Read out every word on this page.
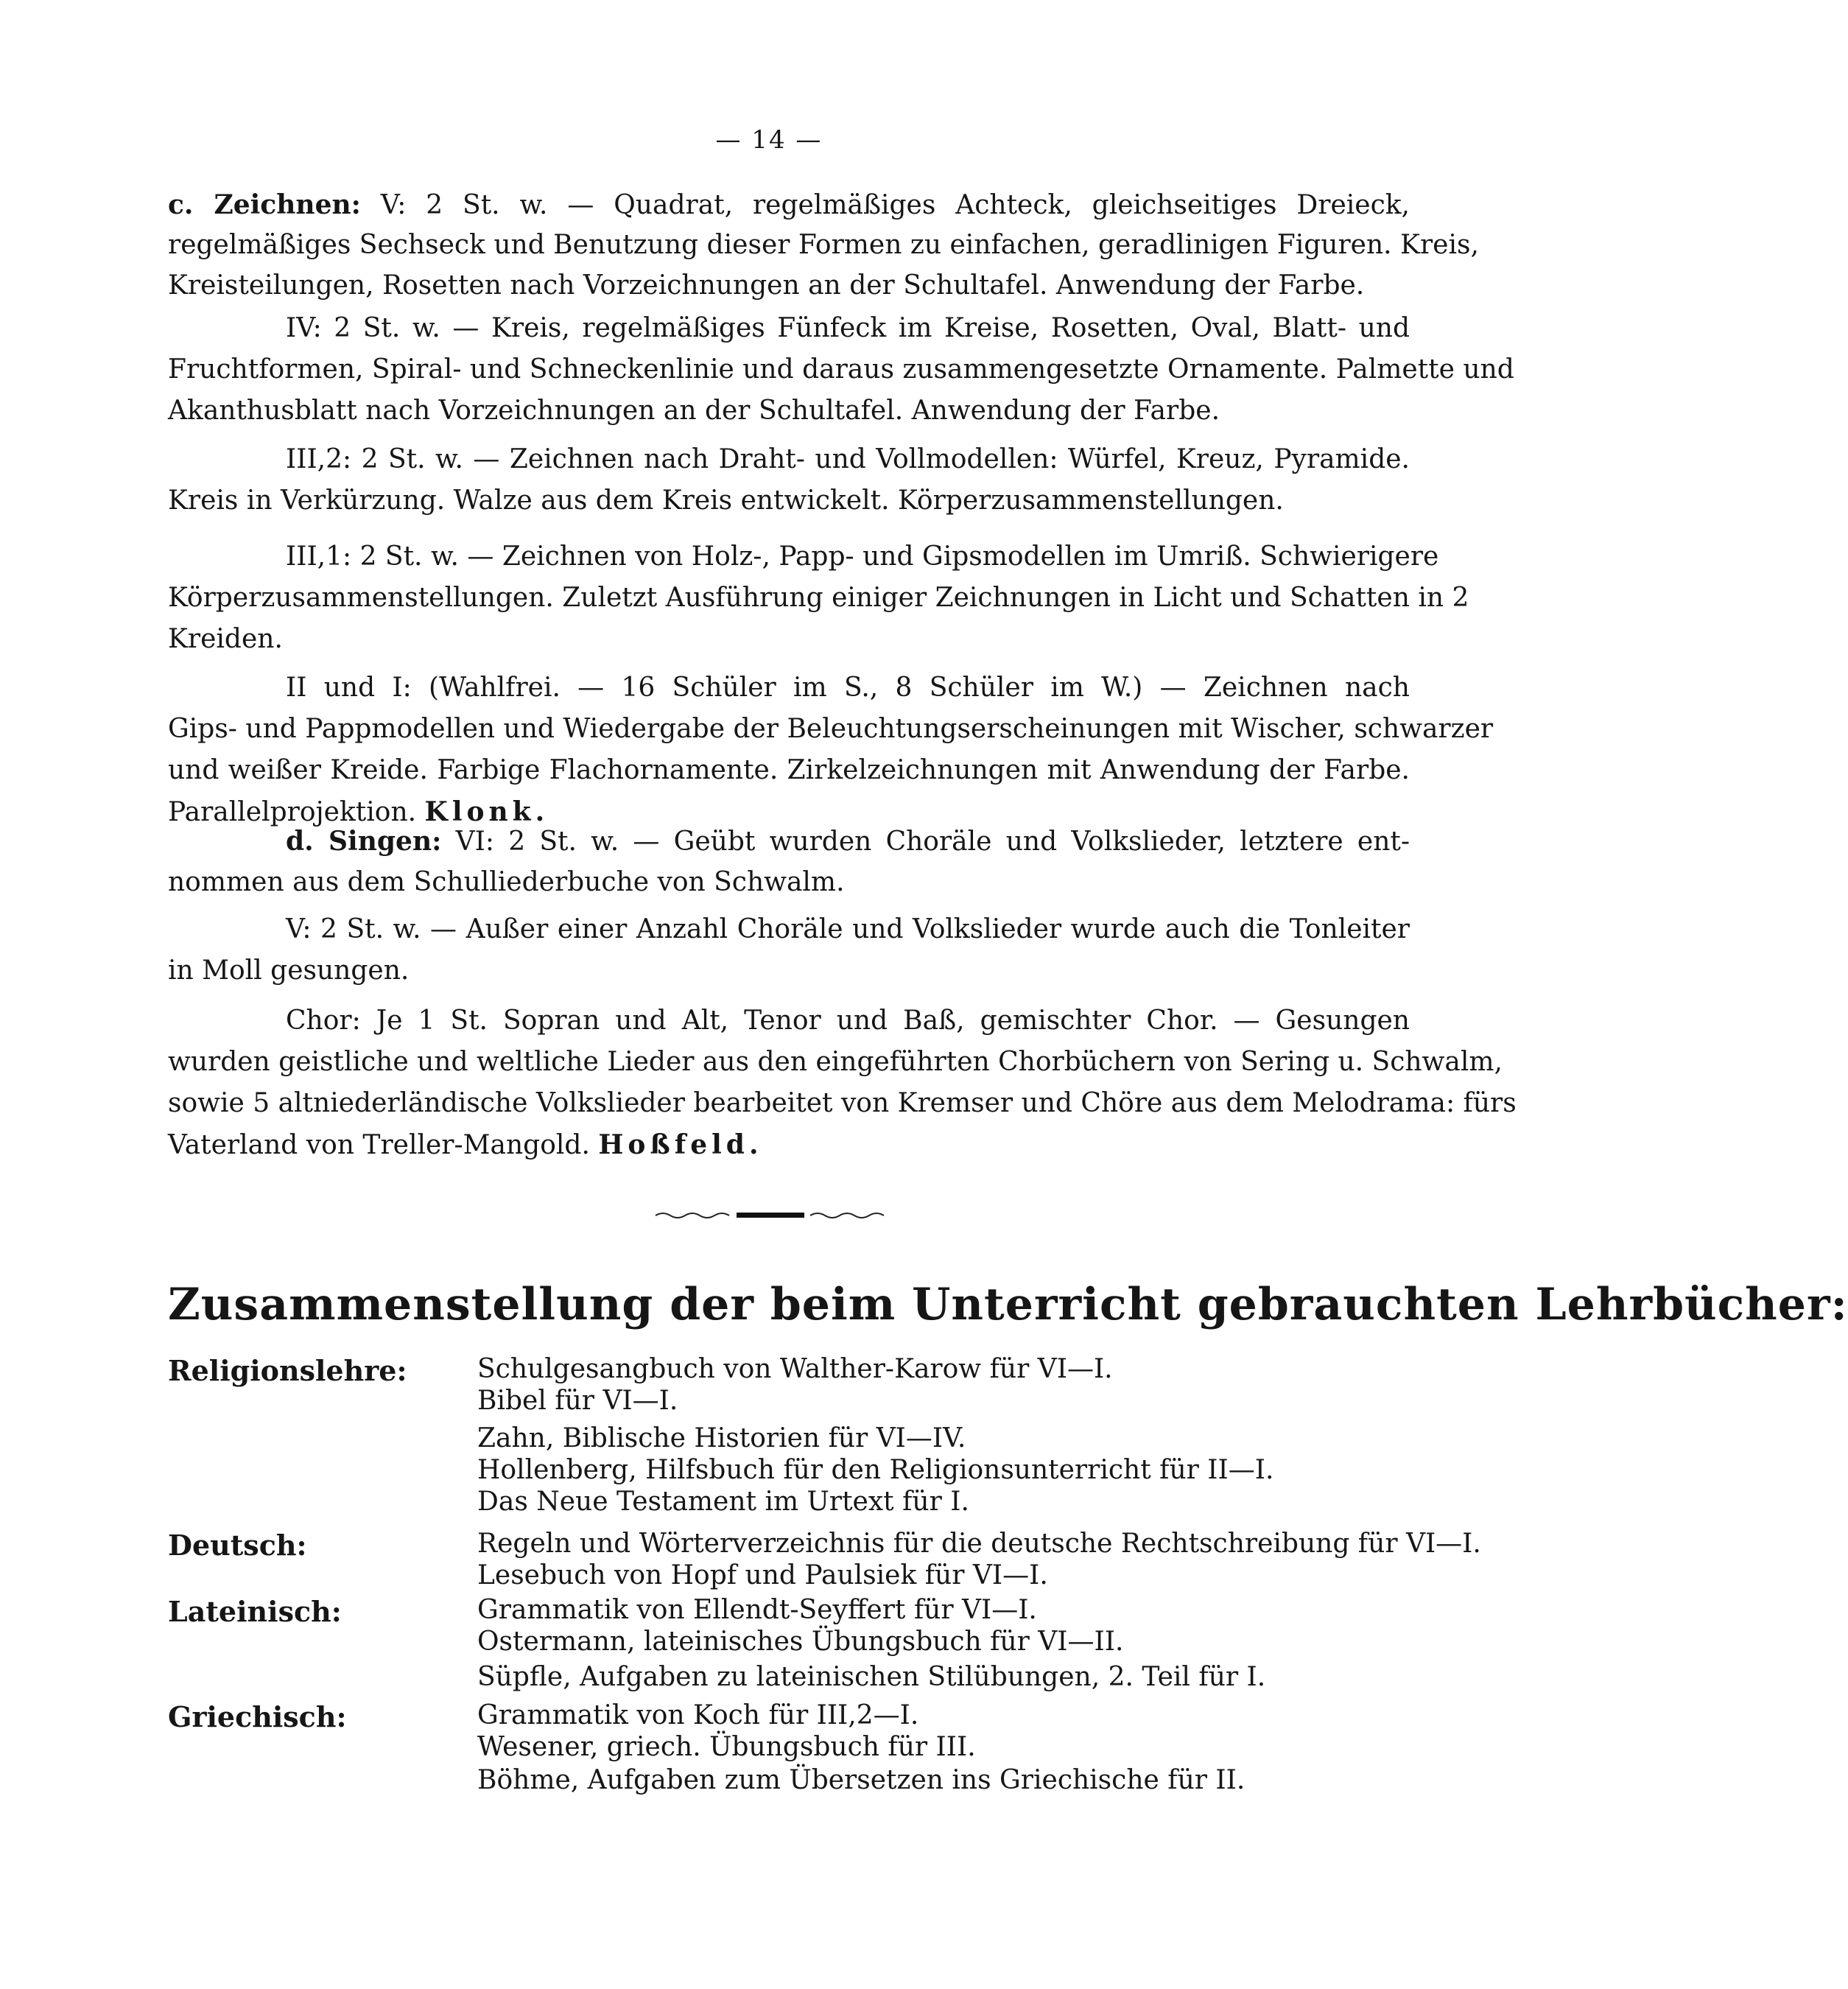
— 14 —
c. Zeichnen: V: 2 St. w. — Quadrat, regelmäßiges Achteck, gleichseitiges Dreieck,
regelmäßiges Sechseck und Benutzung dieser Formen zu einfachen, geradlinigen Figuren. Kreis,
Kreisteilungen, Rosetten nach Vorzeichnungen an der Schultafel. Anwendung der Farbe.
IV: 2 St. w. — Kreis, regelmäßiges Fünfeck im Kreise, Rosetten, Oval, Blatt- und
Fruchtformen, Spiral- und Schneckenlinie und daraus zusammengesetzte Ornamente. Palmette und
Akanthusblatt nach Vorzeichnungen an der Schultafel. Anwendung der Farbe.
III,2: 2 St. w. — Zeichnen nach Draht- und Vollmodellen: Würfel, Kreuz, Pyramide.
Kreis in Verkürzung. Walze aus dem Kreis entwickelt. Körperzusammenstellungen.
III,1: 2 St. w. — Zeichnen von Holz-, Papp- und Gipsmodellen im Umriß. Schwierigere
Körperzusammenstellungen. Zuletzt Ausführung einiger Zeichnungen in Licht und Schatten in 2
Kreiden.
II und I: (Wahlfrei. — 16 Schüler im S., 8 Schüler im W.) — Zeichnen nach
Gips- und Pappmodellen und Wiedergabe der Beleuchtungserscheinungen mit Wischer, schwarzer
und weißer Kreide. Farbige Flachornamente. Zirkelzeichnungen mit Anwendung der Farbe.
Parallelprojektion. Klonk.
d. Singen: VI: 2 St. w. — Geübt wurden Choräle und Volkslieder, letztere ent-
nommen aus dem Schulliederbuche von Schwalm.
V: 2 St. w. — Außer einer Anzahl Choräle und Volkslieder wurde auch die Tonleiter
in Moll gesungen.
Chor: Je 1 St. Sopran und Alt, Tenor und Baß, gemischter Chor. — Gesungen
wurden geistliche und weltliche Lieder aus den eingeführten Chorbüchern von Sering u. Schwalm,
sowie 5 altniederländische Volkslieder bearbeitet von Kremser und Chöre aus dem Melodrama: fürs
Vaterland von Treller-Mangold. Hoßfeld.
Zusammenstellung der beim Unterricht gebrauchten Lehrbücher:
Religionslehre:	Schulgesangbuch von Walther-Karow für VI—I.
Bibel für VI—I.
Zahn, Biblische Historien für VI—IV.
Hollenberg, Hilfsbuch für den Religionsunterricht für II—I.
Das Neue Testament im Urtext für I.
Deutsch:	Regeln und Wörterverzeichnis für die deutsche Rechtschreibung für VI—I.
Lesebuch von Hopf und Paulsiek für VI—I.
Lateinisch:	Grammatik von Ellendt-Seyffert für VI—I.
Ostermann, lateinisches Übungsbuch für VI—II.
Süpfle, Aufgaben zu lateinischen Stilübungen, 2. Teil für I.
Griechisch:	Grammatik von Koch für III,2—I.
Wesener, griech. Übungsbuch für III.
Böhme, Aufgaben zum Übersetzen ins Griechische für II.
